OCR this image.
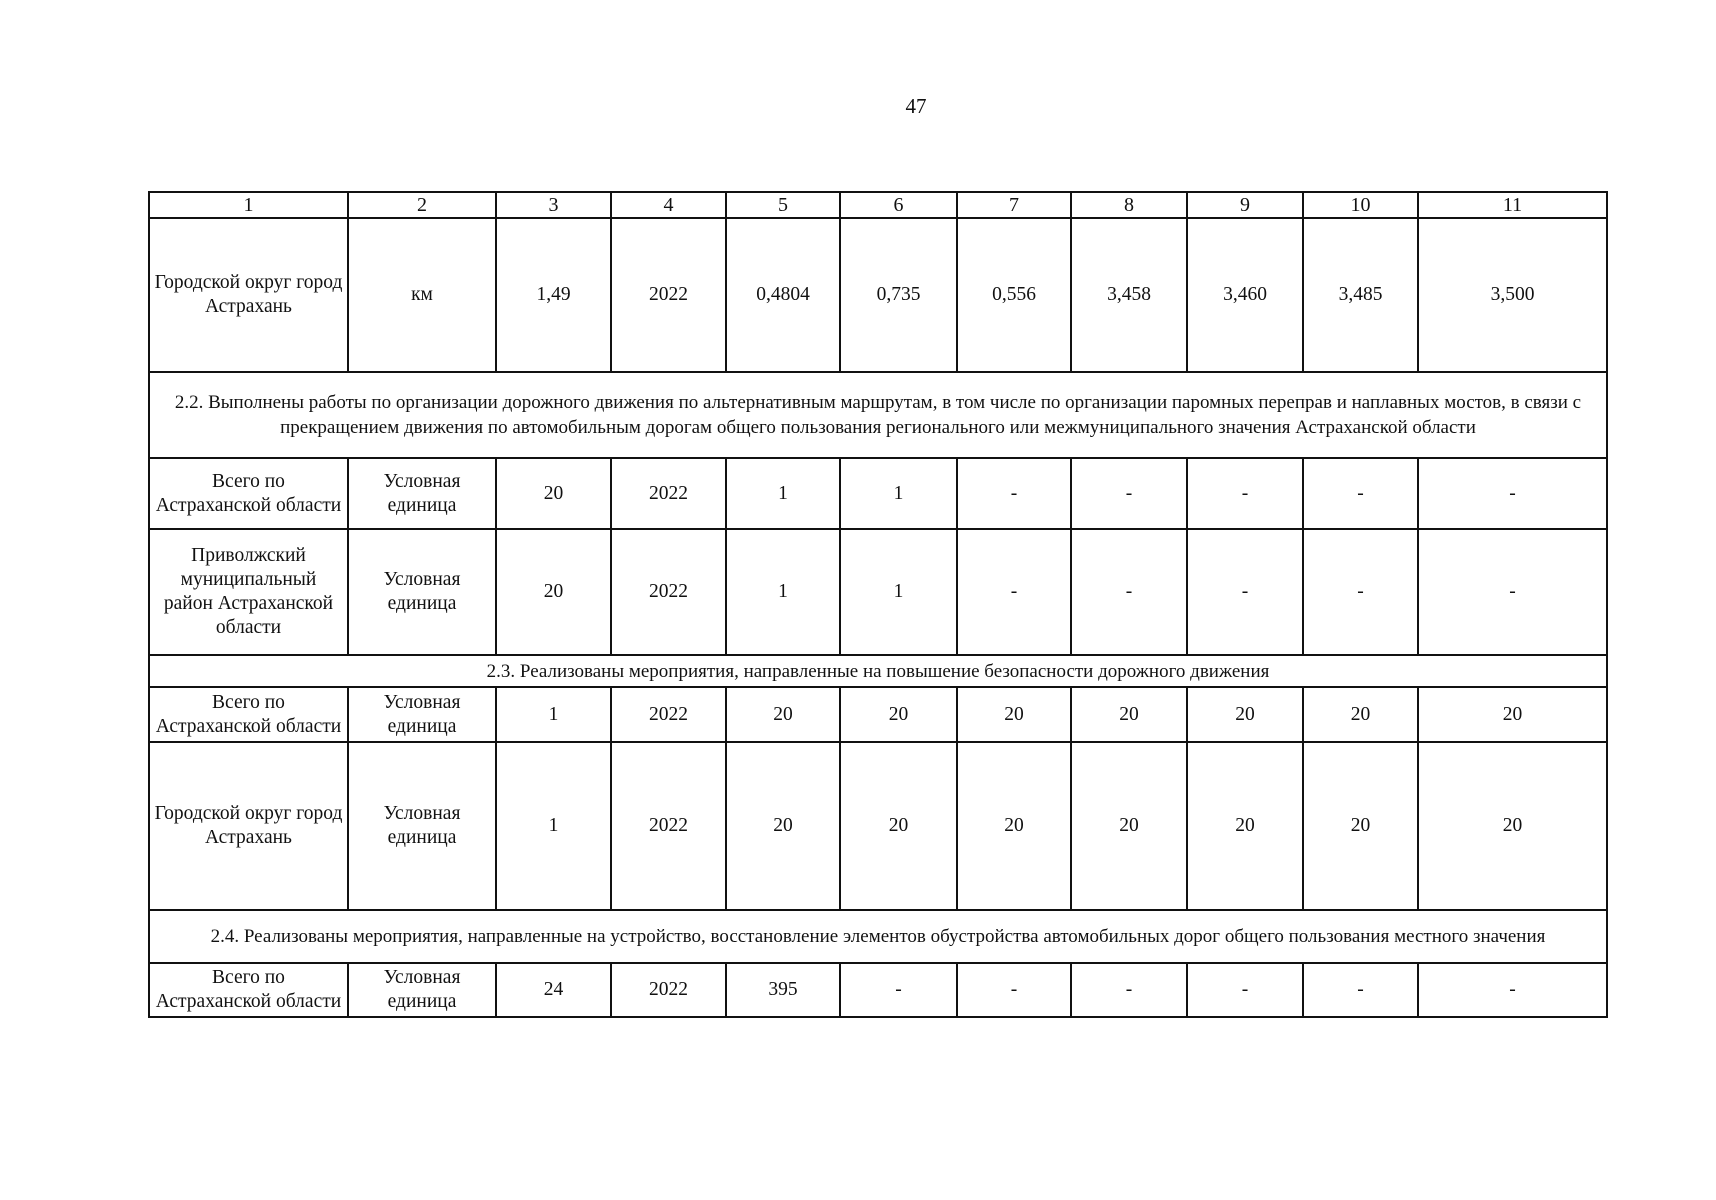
47
1	2	3	4	5	6	7	8	9	10	11
Городской округ город Астрахань	км	1,49	2022	0,4804	0,735	0,556	3,458	3,460	3,485	3,500
2.2. Выполнены работы по организации дорожного движения по альтернативным маршрутам, в том числе по организации паромных переправ и наплавных мостов, в связи с прекращением движения по автомобильным дорогам общего пользования регионального или межмуниципального значения Астраханской области										
Всего по Астраханской области	Условная единица	20	2022	1	1	-	-	-	-	-
Приволжский муниципальный район Астраханской области	Условная единица	20	2022	1	1	-	-	-	-	-
2.3. Реализованы мероприятия, направленные на повышение безопасности дорожного движения										
Всего по Астраханской области	Условная единица	1	2022	20	20	20	20	20	20	20
Городской округ город Астрахань	Условная единица	1	2022	20	20	20	20	20	20	20
2.4. Реализованы мероприятия, направленные на устройство, восстановление элементов обустройства автомобильных дорог общего пользования местного значения										
Всего по Астраханской области	Условная единица	24	2022	395	-	-	-	-	-	-
